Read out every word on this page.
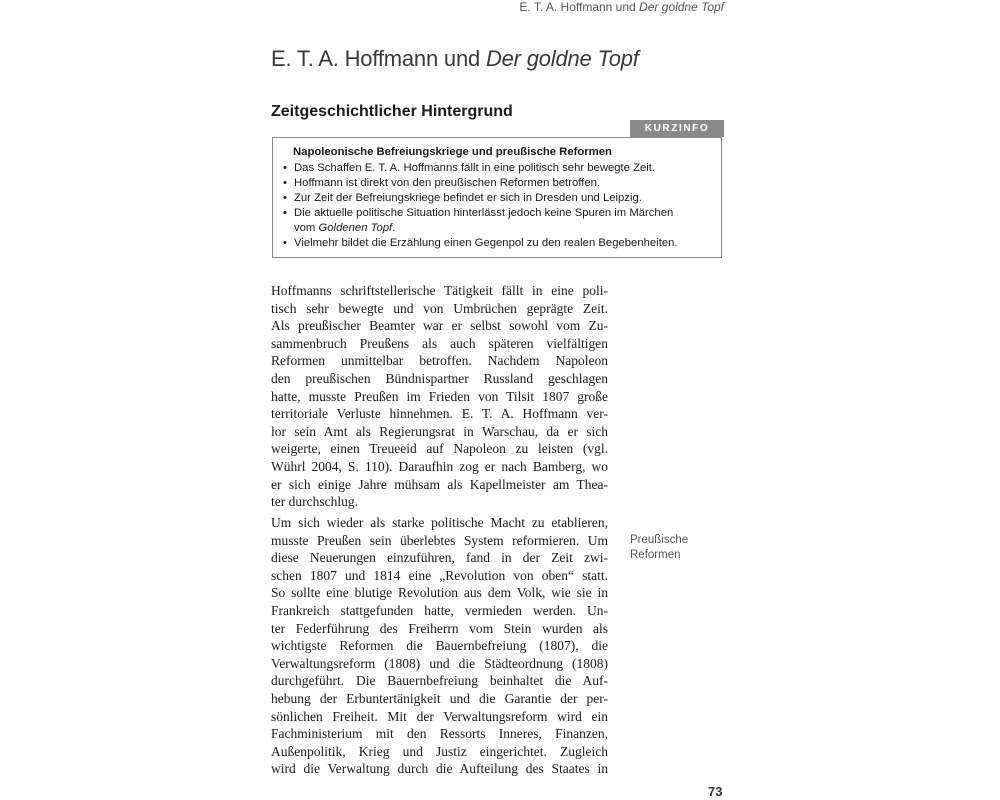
E. T. A. Hoffmann und Der goldne Topf
E. T. A. Hoffmann und Der goldne Topf
Zeitgeschichtlicher Hintergrund
KURZINFO
Napoleonische Befreiungskriege und preußische Reformen
• Das Schaffen E. T. A. Hoffmanns fällt in eine politisch sehr bewegte Zeit.
• Hoffmann ist direkt von den preußischen Reformen betroffen.
• Zur Zeit der Befreiungskriege befindet er sich in Dresden und Leipzig.
• Die aktuelle politische Situation hinterlässt jedoch keine Spuren im Märchen
vom Goldenen Topf.
• Vielmehr bildet die Erzählung einen Gegenpol zu den realen Begebenheiten.
Hoffmanns schriftstellerische Tätigkeit fällt in eine poli-
tisch sehr bewegte und von Umbrüchen geprägte Zeit.
Als preußischer Beamter war er selbst sowohl vom Zu-
sammenbruch Preußens als auch späteren vielfältigen
Reformen unmittelbar betroffen. Nachdem Napoleon
den preußischen Bündnispartner Russland geschlagen
hatte, musste Preußen im Frieden von Tilsit 1807 große
territoriale Verluste hinnehmen. E. T. A. Hoffmann ver-
lor sein Amt als Regierungsrat in Warschau, da er sich
weigerte, einen Treueeid auf Napoleon zu leisten (vgl.
Wührl 2004, S. 110). Daraufhin zog er nach Bamberg, wo
er sich einige Jahre mühsam als Kapellmeister am Thea-
ter durchschlug.
Um sich wieder als starke politische Macht zu etablieren,
musste Preußen sein überlebtes System reformieren. Um
diese Neuerungen einzuführen, fand in der Zeit zwi-
schen 1807 und 1814 eine „Revolution von oben“ statt.
So sollte eine blutige Revolution aus dem Volk, wie sie in
Frankreich stattgefunden hatte, vermieden werden. Un-
ter Federführung des Freiherrn vom Stein wurden als
wichtigste Reformen die Bauernbefreiung (1807), die
Verwaltungsreform (1808) und die Städteordnung (1808)
durchgeführt. Die Bauernbefreiung beinhaltet die Auf-
hebung der Erbuntertänigkeit und die Garantie der per-
sönlichen Freiheit. Mit der Verwaltungsreform wird ein
Fachministerium mit den Ressorts Inneres, Finanzen,
Außenpolitik, Krieg und Justiz eingerichtet. Zugleich
wird die Verwaltung durch die Aufteilung des Staates in
Preußische
Reformen
73
